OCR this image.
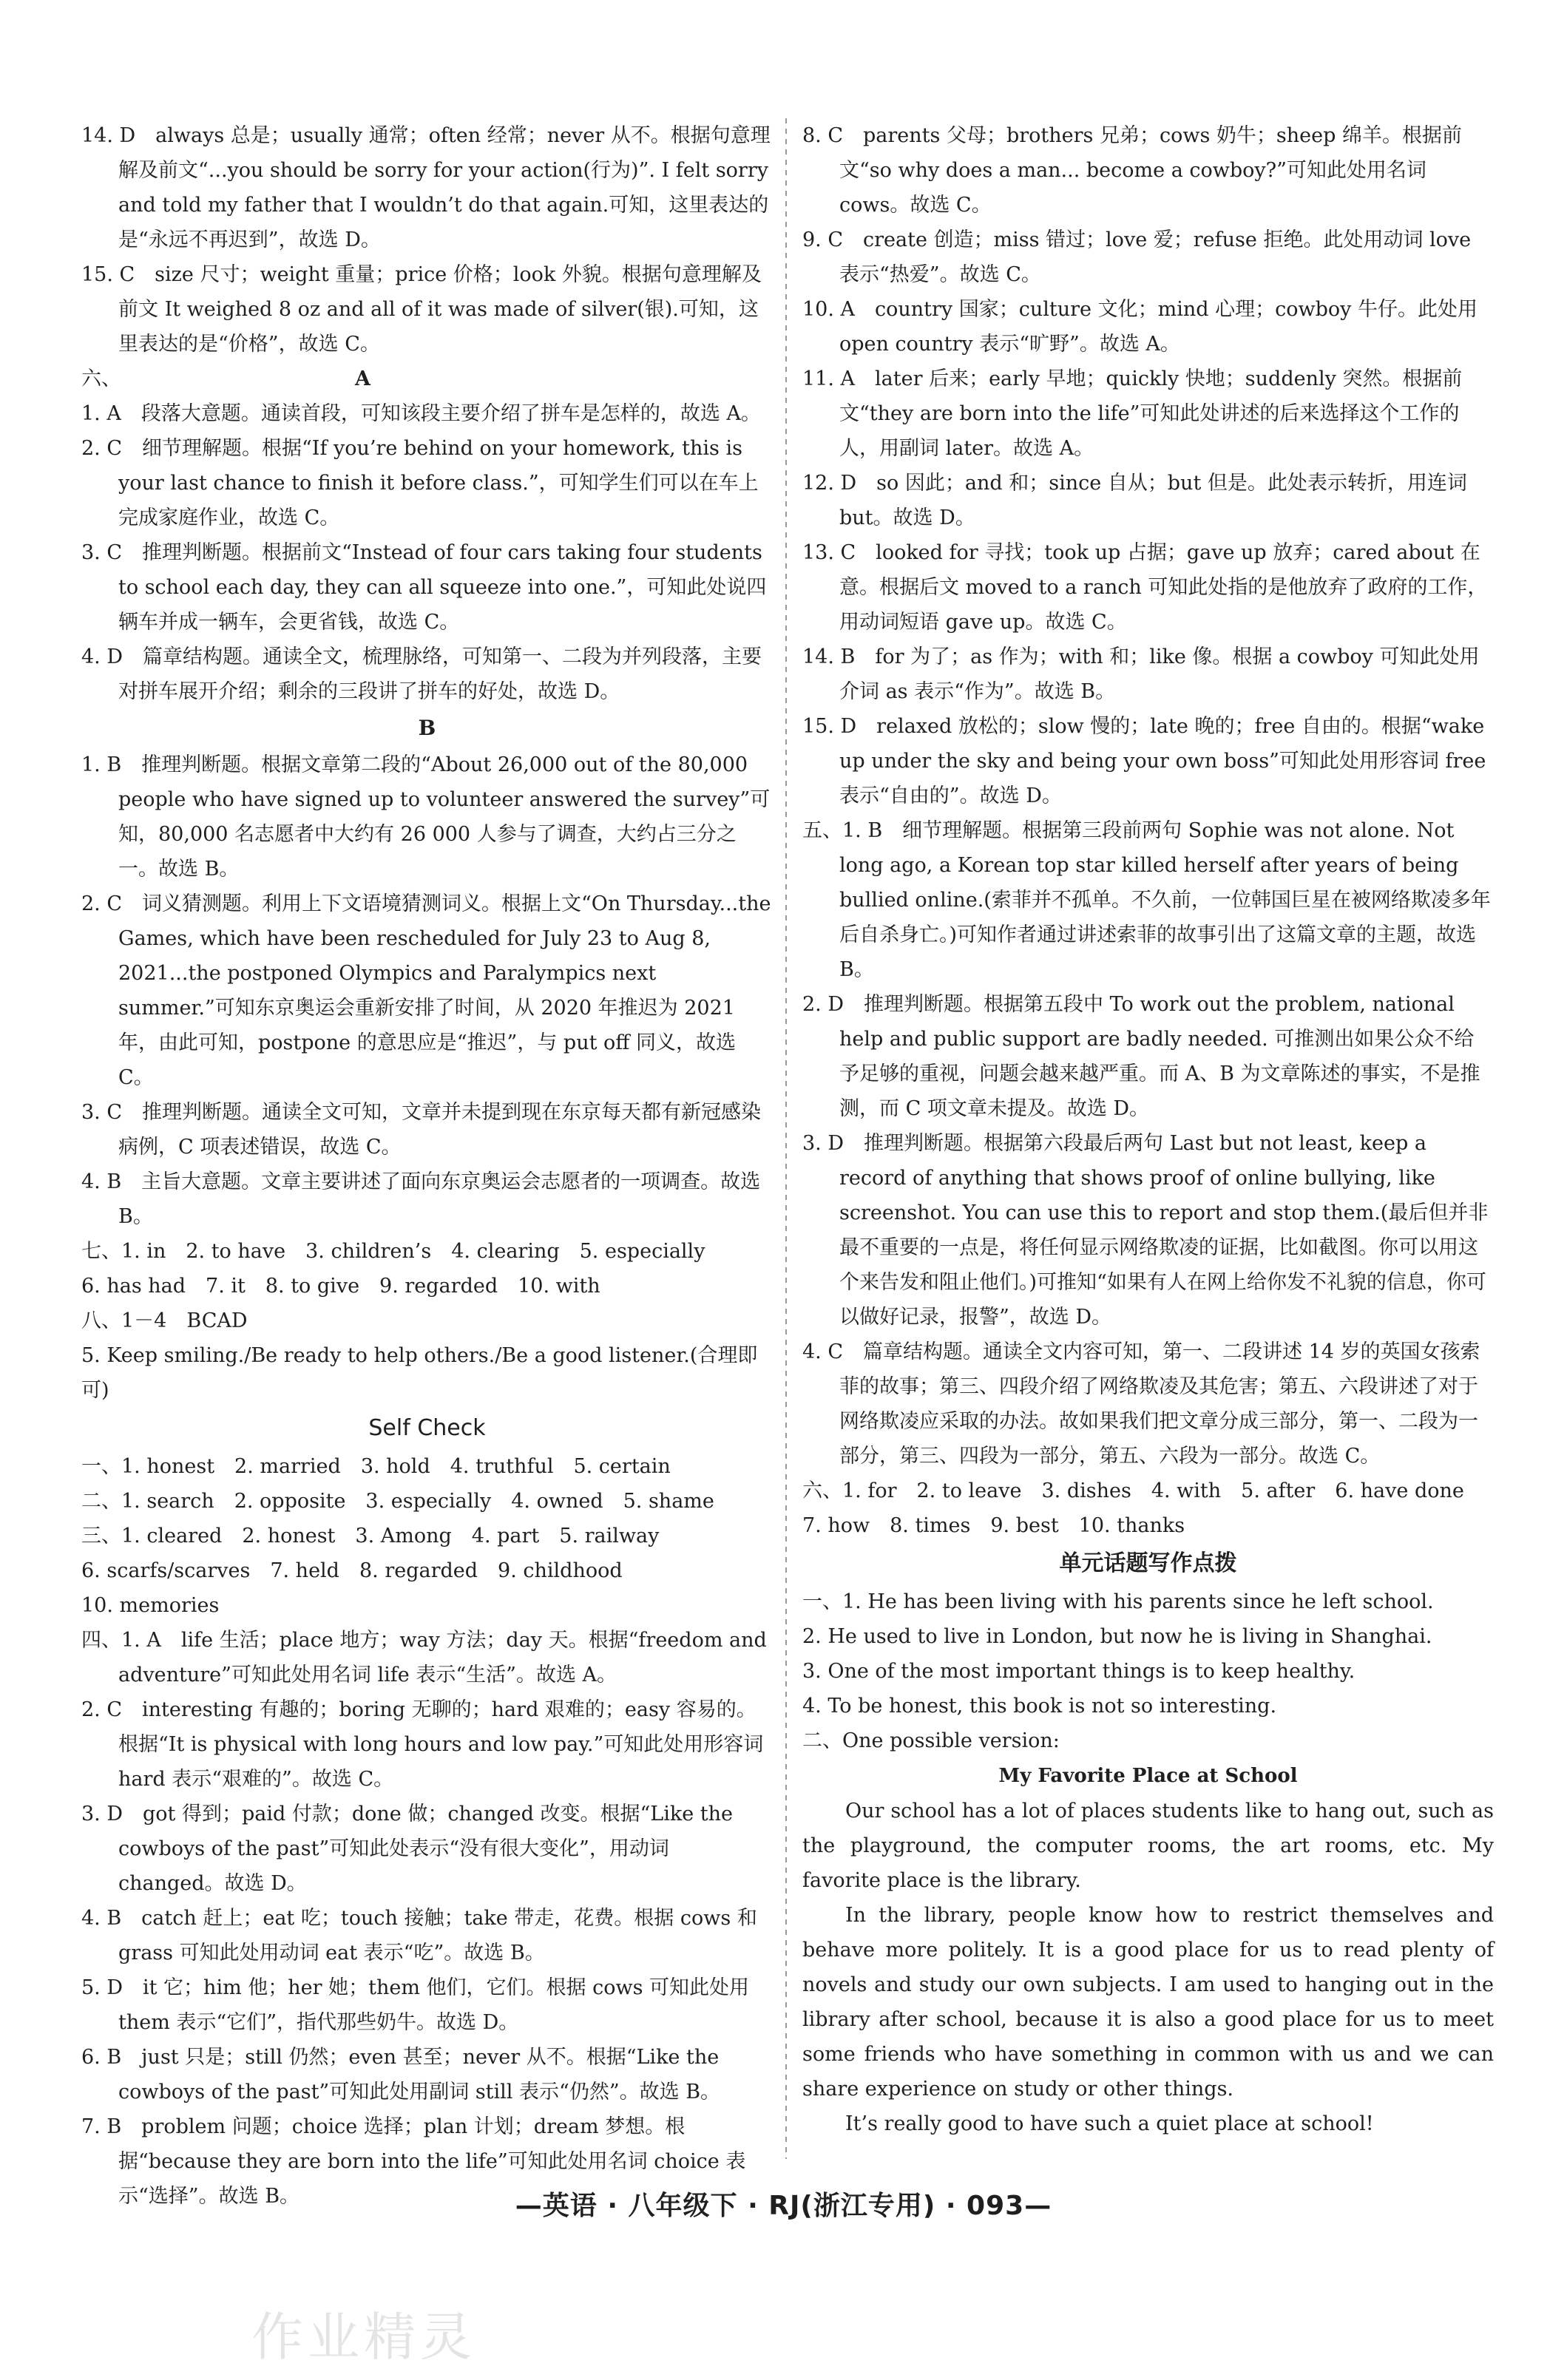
14. D　always 总是；usually 通常；often 经常；never 从不。根据句意理解及前文“...you should be sorry for your action(行为)”. I felt sorry and told my father that I wouldn’t do that again.可知，这里表达的是“永远不再迟到”，故选 D。

15. C　size 尺寸；weight 重量；price 价格；look 外貌。根据句意理解及前文 It weighed 8 oz and all of it was made of silver(银).可知，这里表达的是“价格”，故选 C。

六、	A

1. A　段落大意题。通读首段，可知该段主要介绍了拼车是怎样的，故选 A。

2. C　细节理解题。根据“If you’re behind on your homework, this is your last chance to finish it before class.”，可知学生们可以在车上完成家庭作业，故选 C。

3. C　推理判断题。根据前文“Instead of four cars taking four students to school each day, they can all squeeze into one.”，可知此处说四辆车并成一辆车，会更省钱，故选 C。

4. D　篇章结构题。通读全文，梳理脉络，可知第一、二段为并列段落，主要对拼车展开介绍；剩余的三段讲了拼车的好处，故选 D。

B

1. B　推理判断题。根据文章第二段的“About 26,000 out of the 80,000 people who have signed up to volunteer answered the survey”可知，80,000 名志愿者中大约有 26 000 人参与了调查，大约占三分之一。故选 B。

2. C　词义猜测题。利用上下文语境猜测词义。根据上文“On Thursday...the Games, which have been rescheduled for July 23 to Aug 8, 2021...the postponed Olympics and Paralympics next summer.”可知东京奥运会重新安排了时间，从 2020 年推迟为 2021 年，由此可知，postpone 的意思应是“推迟”，与 put off 同义，故选 C。

3. C　推理判断题。通读全文可知，文章并未提到现在东京每天都有新冠感染病例，C 项表述错误，故选 C。

4. B　主旨大意题。文章主要讲述了面向东京奥运会志愿者的一项调查。故选 B。

七、1. in　2. to have　3. children’s　4. clearing　5. especially

6. has had　7. it　8. to give　9. regarded　10. with

八、1－4　BCAD

5. Keep smiling./Be ready to help others./Be a good listener.(合理即可)

Self Check

一、1. honest　2. married　3. hold　4. truthful　5. certain

二、1. search　2. opposite　3. especially　4. owned　5. shame

三、1. cleared　2. honest　3. Among　4. part　5. railway

6. scarfs/scarves　7. held　8. regarded　9. childhood

10. memories

四、1. A　life 生活；place 地方；way 方法；day 天。根据“freedom and adventure”可知此处用名词 life 表示“生活”。故选 A。

2. C　interesting 有趣的；boring 无聊的；hard 艰难的；easy 容易的。根据“It is physical with long hours and low pay.”可知此处用形容词 hard 表示“艰难的”。故选 C。

3. D　got 得到；paid 付款；done 做；changed 改变。根据“Like the cowboys of the past”可知此处表示“没有很大变化”，用动词 changed。故选 D。

4. B　catch 赶上；eat 吃；touch 接触；take 带走，花费。根据 cows 和 grass 可知此处用动词 eat 表示“吃”。故选 B。

5. D　it 它；him 他；her 她；them 他们，它们。根据 cows 可知此处用 them 表示“它们”，指代那些奶牛。故选 D。

6. B　just 只是；still 仍然；even 甚至；never 从不。根据“Like the cowboys of the past”可知此处用副词 still 表示“仍然”。故选 B。

7. B　problem 问题；choice 选择；plan 计划；dream 梦想。根据“because they are born into the life”可知此处用名词 choice 表示“选择”。故选 B。

8. C　parents 父母；brothers 兄弟；cows 奶牛；sheep 绵羊。根据前文“so why does a man... become a cowboy?”可知此处用名词 cows。故选 C。

9. C　create 创造；miss 错过；love 爱；refuse 拒绝。此处用动词 love 表示“热爱”。故选 C。

10. A　country 国家；culture 文化；mind 心理；cowboy 牛仔。此处用 open country 表示“旷野”。故选 A。

11. A　later 后来；early 早地；quickly 快地；suddenly 突然。根据前文“they are born into the life”可知此处讲述的后来选择这个工作的人，用副词 later。故选 A。

12. D　so 因此；and 和；since 自从；but 但是。此处表示转折，用连词 but。故选 D。

13. C　looked for 寻找；took up 占据；gave up 放弃；cared about 在意。根据后文 moved to a ranch 可知此处指的是他放弃了政府的工作，用动词短语 gave up。故选 C。

14. B　for 为了；as 作为；with 和；like 像。根据 a cowboy 可知此处用介词 as 表示“作为”。故选 B。

15. D　relaxed 放松的；slow 慢的；late 晚的；free 自由的。根据“wake up under the sky and being your own boss”可知此处用形容词 free 表示“自由的”。故选 D。

五、1. B　细节理解题。根据第三段前两句 Sophie was not alone. Not long ago, a Korean top star killed herself after years of being bullied online.(索菲并不孤单。不久前，一位韩国巨星在被网络欺凌多年后自杀身亡。)可知作者通过讲述索菲的故事引出了这篇文章的主题，故选 B。

2. D　推理判断题。根据第五段中 To work out the problem, national help and public support are badly needed. 可推测出如果公众不给予足够的重视，问题会越来越严重。而 A、B 为文章陈述的事实，不是推测，而 C 项文章未提及。故选 D。

3. D　推理判断题。根据第六段最后两句 Last but not least, keep a record of anything that shows proof of online bullying, like screenshot. You can use this to report and stop them.(最后但并非最不重要的一点是，将任何显示网络欺凌的证据，比如截图。你可以用这个来告发和阻止他们。)可推知“如果有人在网上给你发不礼貌的信息，你可以做好记录，报警”，故选 D。

4. C　篇章结构题。通读全文内容可知，第一、二段讲述 14 岁的英国女孩索菲的故事；第三、四段介绍了网络欺凌及其危害；第五、六段讲述了对于网络欺凌应采取的办法。故如果我们把文章分成三部分，第一、二段为一部分，第三、四段为一部分，第五、六段为一部分。故选 C。

六、1. for　2. to leave　3. dishes　4. with　5. after　6. have done

7. how　8. times　9. best　10. thanks

单元话题写作点拨

一、1. He has been living with his parents since he left school.

2. He used to live in London, but now he is living in Shanghai.

3. One of the most important things is to keep healthy.

4. To be honest, this book is not so interesting.

二、One possible version:

My Favorite Place at School

Our school has a lot of places students like to hang out, such as the playground, the computer rooms, the art rooms, etc. My favorite place is the library.

In the library, people know how to restrict themselves and behave more politely. It is a good place for us to read plenty of novels and study our own subjects. I am used to hanging out in the library after school, because it is also a good place for us to meet some friends who have something in common with us and we can share experience on study or other things.

It’s really good to have such a quiet place at school!

—英语 · 八年级下 · RJ(浙江专用) · 093—
作业精灵
